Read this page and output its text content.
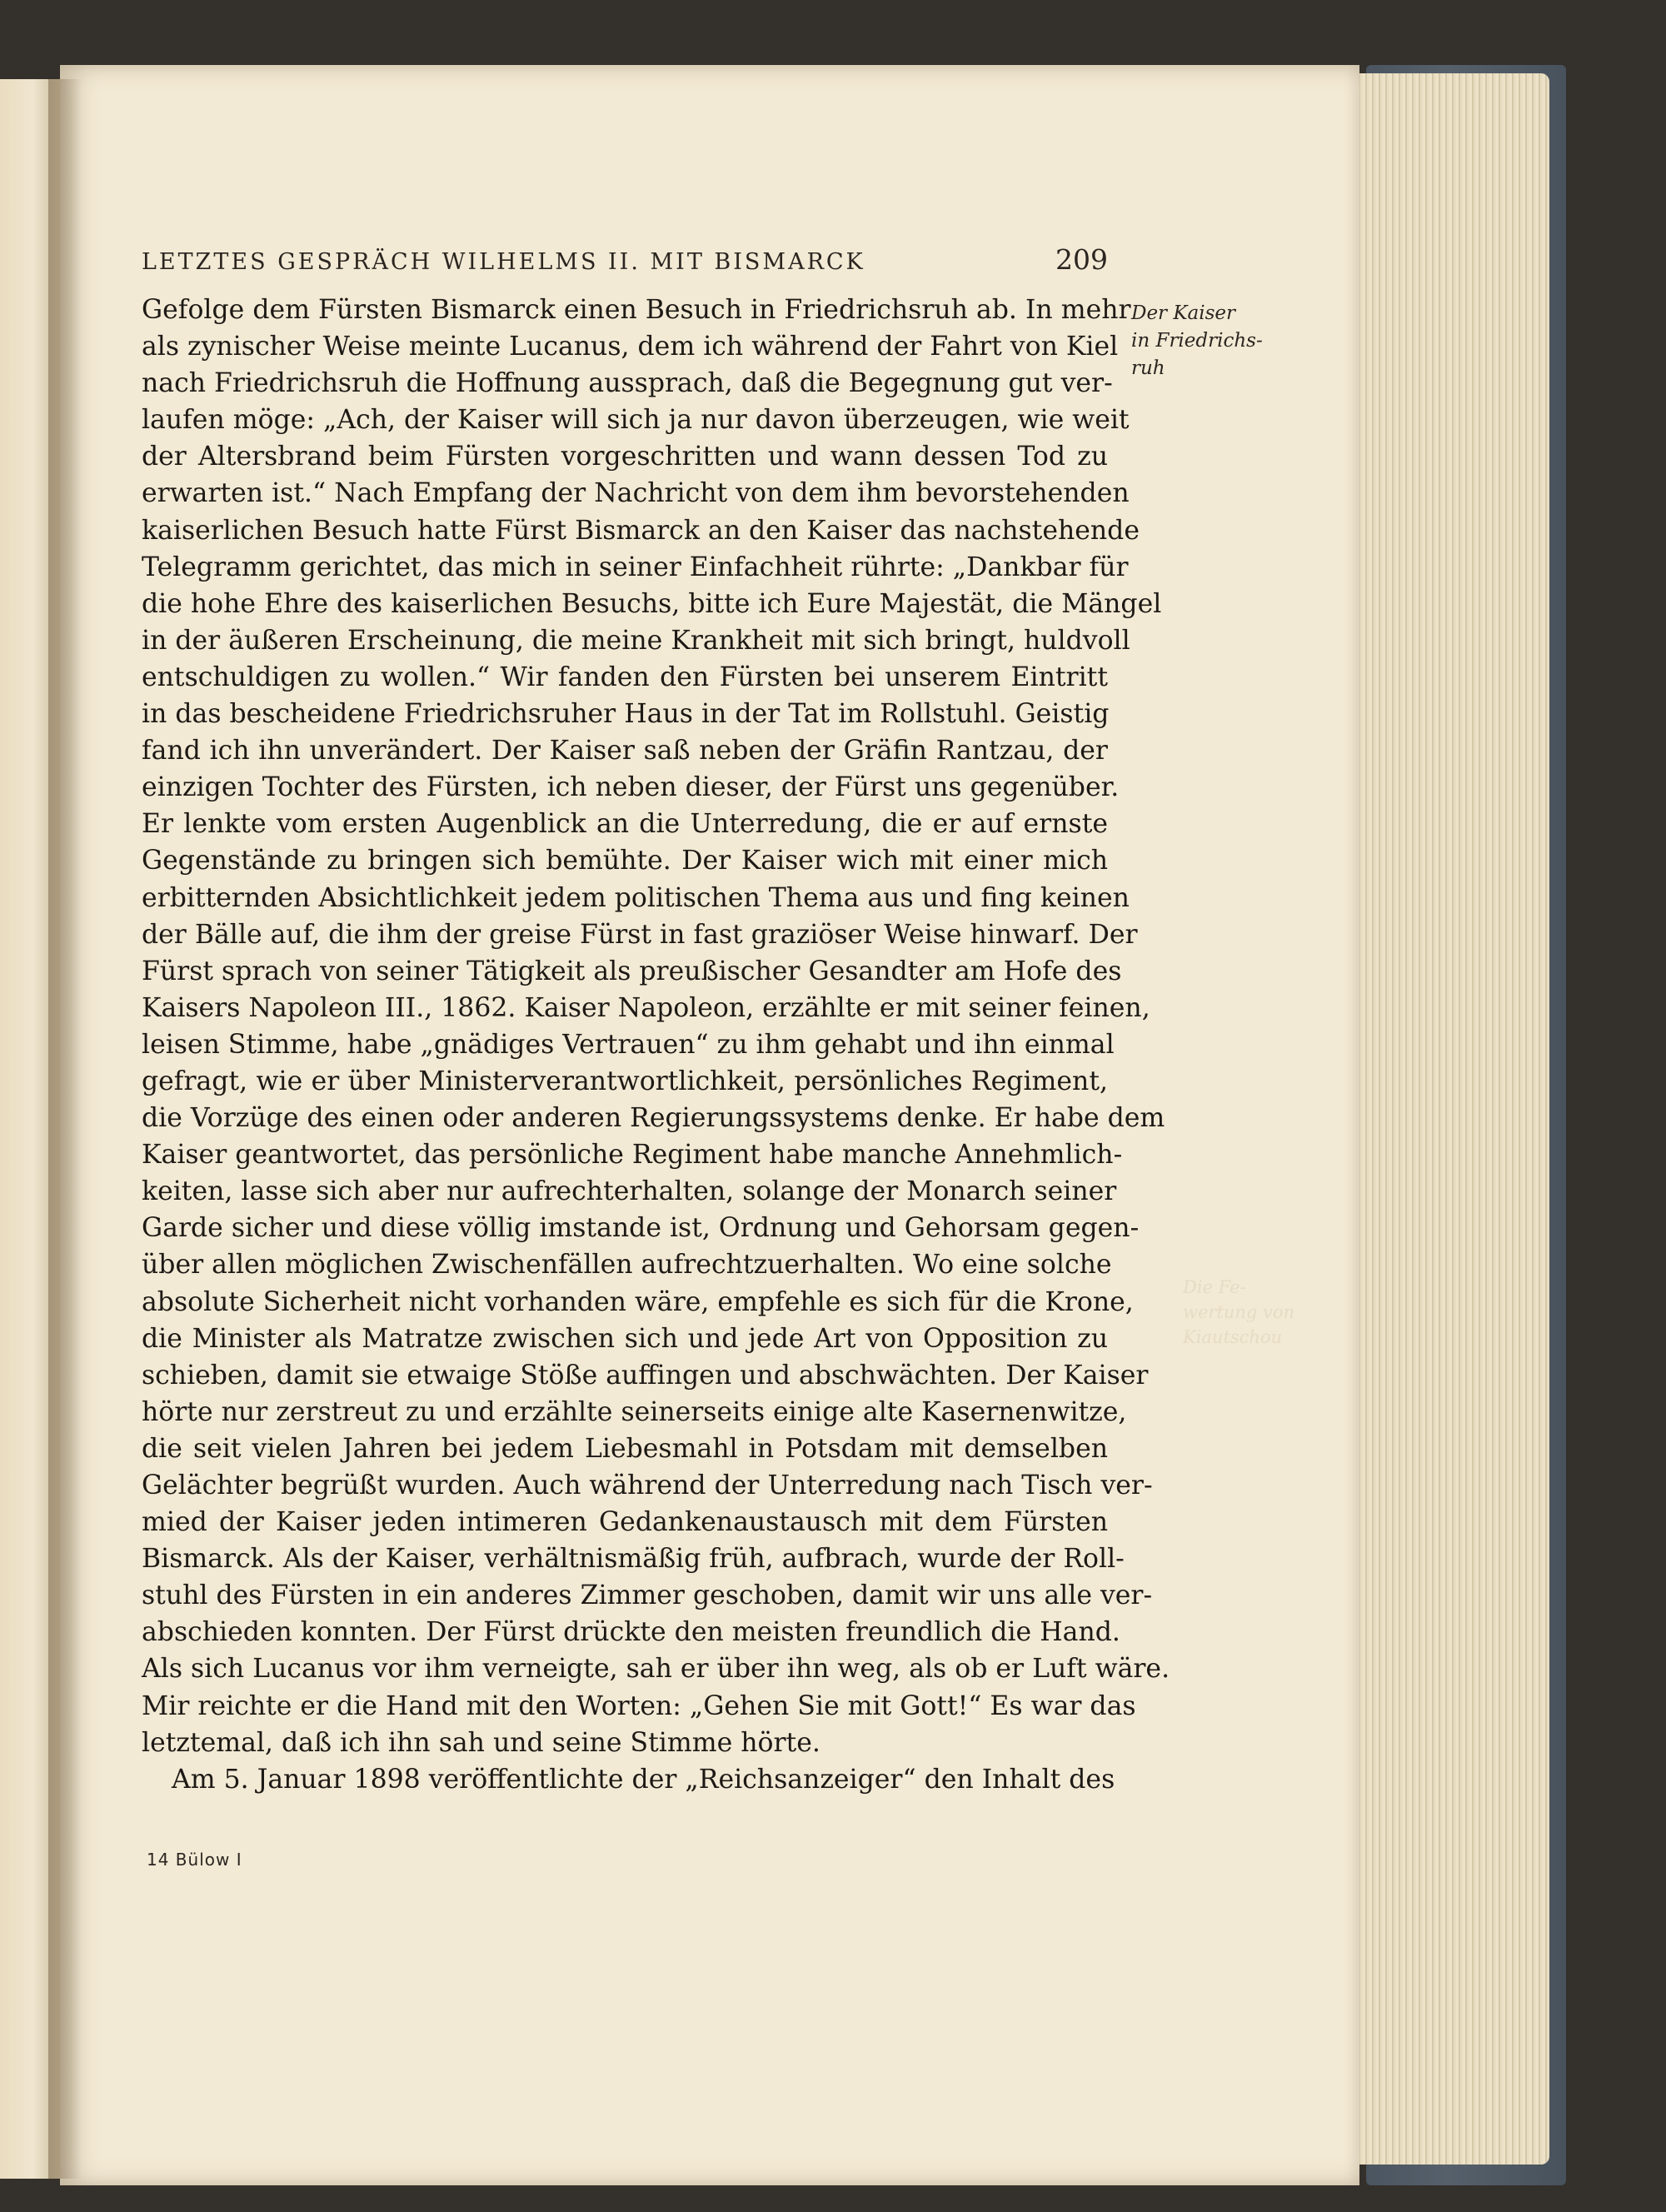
LETZTES GESPRÄCH WILHELMS II. MIT BISMARCK	209
Der Kaiser
in Friedrichs-
ruh
Die Fe-
wertung von
Kiautschou
Gefolge dem Fürsten Bismarck einen Besuch in Friedrichsruh ab. In mehr
als zynischer Weise meinte Lucanus, dem ich während der Fahrt von Kiel
nach Friedrichsruh die Hoffnung aussprach, daß die Begegnung gut ver-
laufen möge: „Ach, der Kaiser will sich ja nur davon überzeugen, wie weit
der Altersbrand beim Fürsten vorgeschritten und wann dessen Tod zu
erwarten ist.“ Nach Empfang der Nachricht von dem ihm bevorstehenden
kaiserlichen Besuch hatte Fürst Bismarck an den Kaiser das nachstehende
Telegramm gerichtet, das mich in seiner Einfachheit rührte: „Dankbar für
die hohe Ehre des kaiserlichen Besuchs, bitte ich Eure Majestät, die Mängel
in der äußeren Erscheinung, die meine Krankheit mit sich bringt, huldvoll
entschuldigen zu wollen.“ Wir fanden den Fürsten bei unserem Eintritt
in das bescheidene Friedrichsruher Haus in der Tat im Rollstuhl. Geistig
fand ich ihn unverändert. Der Kaiser saß neben der Gräfin Rantzau, der
einzigen Tochter des Fürsten, ich neben dieser, der Fürst uns gegenüber.
Er lenkte vom ersten Augenblick an die Unterredung, die er auf ernste
Gegenstände zu bringen sich bemühte. Der Kaiser wich mit einer mich
erbitternden Absichtlichkeit jedem politischen Thema aus und fing keinen
der Bälle auf, die ihm der greise Fürst in fast graziöser Weise hinwarf. Der
Fürst sprach von seiner Tätigkeit als preußischer Gesandter am Hofe des
Kaisers Napoleon III., 1862. Kaiser Napoleon, erzählte er mit seiner feinen,
leisen Stimme, habe „gnädiges Vertrauen“ zu ihm gehabt und ihn einmal
gefragt, wie er über Ministerverantwortlichkeit, persönliches Regiment,
die Vorzüge des einen oder anderen Regierungssystems denke. Er habe dem
Kaiser geantwortet, das persönliche Regiment habe manche Annehmlich-
keiten, lasse sich aber nur aufrechterhalten, solange der Monarch seiner
Garde sicher und diese völlig imstande ist, Ordnung und Gehorsam gegen-
über allen möglichen Zwischenfällen aufrechtzuerhalten. Wo eine solche
absolute Sicherheit nicht vorhanden wäre, empfehle es sich für die Krone,
die Minister als Matratze zwischen sich und jede Art von Opposition zu
schieben, damit sie etwaige Stöße auffingen und abschwächten. Der Kaiser
hörte nur zerstreut zu und erzählte seinerseits einige alte Kasernenwitze,
die seit vielen Jahren bei jedem Liebesmahl in Potsdam mit demselben
Gelächter begrüßt wurden. Auch während der Unterredung nach Tisch ver-
mied der Kaiser jeden intimeren Gedankenaustausch mit dem Fürsten
Bismarck. Als der Kaiser, verhältnismäßig früh, aufbrach, wurde der Roll-
stuhl des Fürsten in ein anderes Zimmer geschoben, damit wir uns alle ver-
abschieden konnten. Der Fürst drückte den meisten freundlich die Hand.
Als sich Lucanus vor ihm verneigte, sah er über ihn weg, als ob er Luft wäre.
Mir reichte er die Hand mit den Worten: „Gehen Sie mit Gott!“ Es war das
letztemal, daß ich ihn sah und seine Stimme hörte.
Am 5. Januar 1898 veröffentlichte der „Reichsanzeiger“ den Inhalt des
14 Bülow I
